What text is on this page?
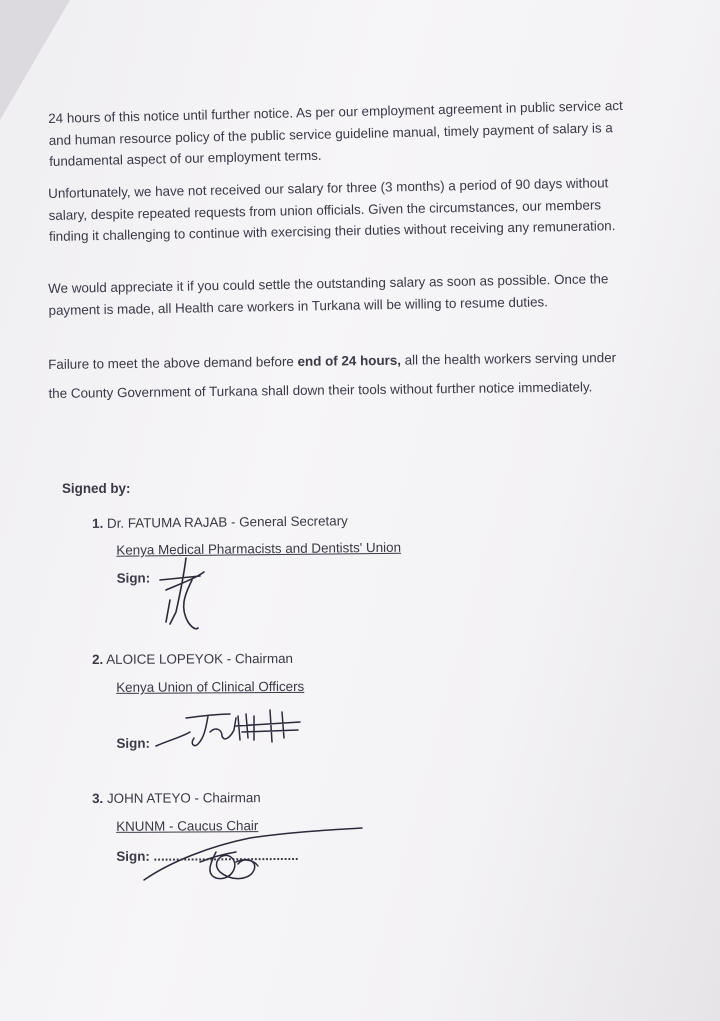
24 hours of this notice until further notice. As per our employment agreement in public service act and human resource policy of the public service guideline manual, timely payment of salary is a fundamental aspect of our employment terms.
Unfortunately, we have not received our salary for three (3 months) a period of 90 days without salary, despite repeated requests from union officials. Given the circumstances, our members finding it challenging to continue with exercising their duties without receiving any remuneration.
We would appreciate it if you could settle the outstanding salary as soon as possible. Once the payment is made, all Health care workers in Turkana will be willing to resume duties.
Failure to meet the above demand before end of 24 hours, all the health workers serving under the County Government of Turkana shall down their tools without further notice immediately.
Signed by:
1. Dr. FATUMA RAJAB - General Secretary
Kenya Medical Pharmacists and Dentists' Union
Sign:
2. ALOICE LOPEYOK - Chairman
Kenya Union of Clinical Officers
Sign:
3. JOHN ATEYO - Chairman
KNUNM - Caucus Chair
Sign: .......................................
